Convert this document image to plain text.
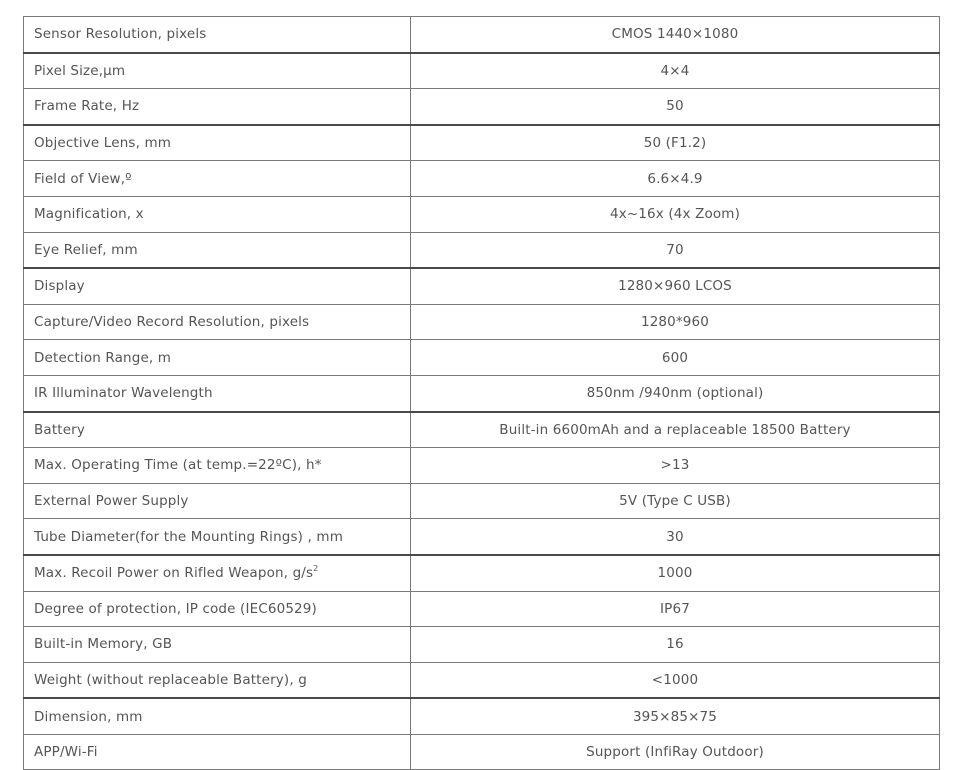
Sensor Resolution, pixels	CMOS 1440×1080
Pixel Size,μm	4×4
Frame Rate, Hz	50
Objective Lens, mm	50 (F1.2)
Field of View,º	6.6×4.9
Magnification, x	4x~16x (4x Zoom)
Eye Relief, mm	70
Display	1280×960 LCOS
Capture/Video Record Resolution, pixels	1280*960
Detection Range, m	600
IR Illuminator Wavelength	850nm /940nm (optional)
Battery	Built-in 6600mAh and a replaceable 18500 Battery
Max. Operating Time (at temp.=22ºC), h*	>13
External Power Supply	5V (Type C USB)
Tube Diameter(for the Mounting Rings) , mm	30
Max. Recoil Power on Rifled Weapon, $g/s^2$	1000
Degree of protection, IP code (IEC60529)	IP67
Built-in Memory, GB	16
Weight (without replaceable Battery), g	<1000
Dimension, mm	395×85×75
APP/Wi-Fi	Support (InfiRay Outdoor)
